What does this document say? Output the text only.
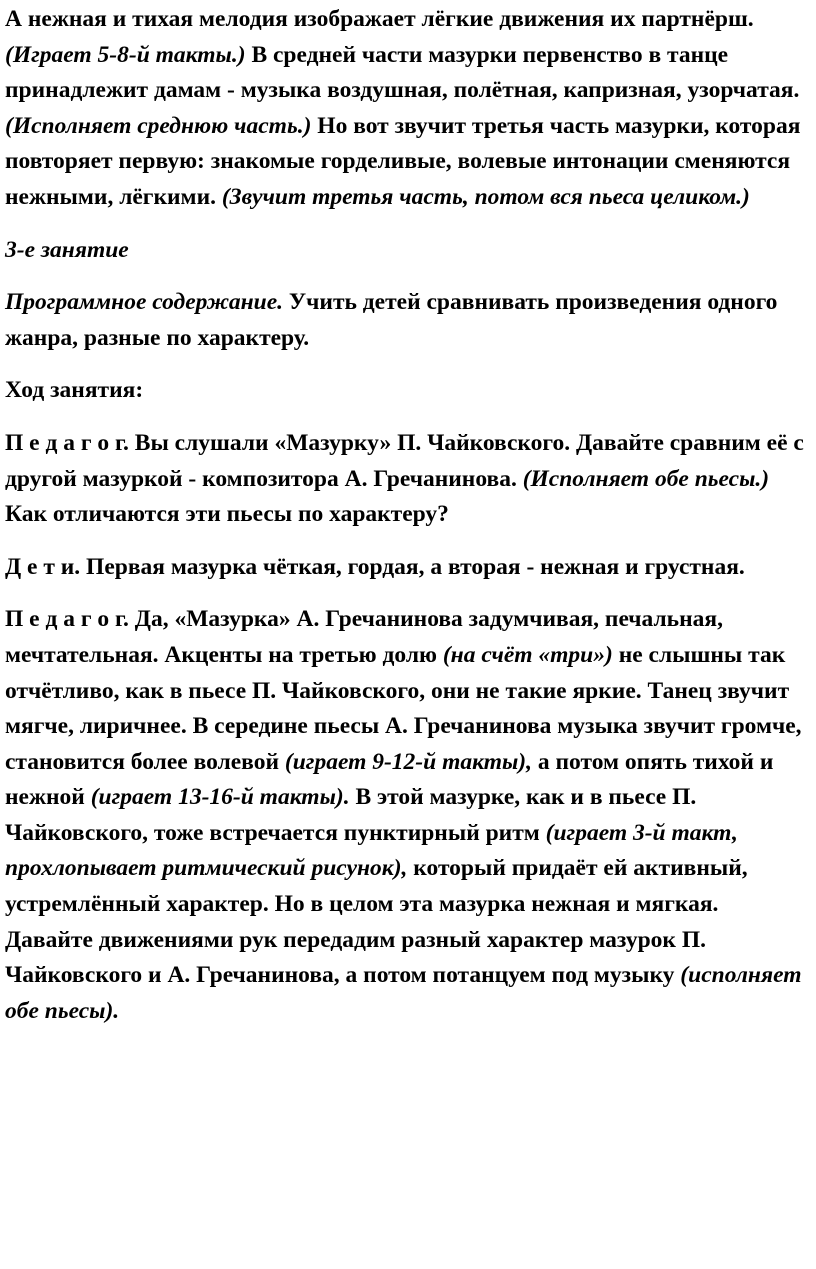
А нежная и тихая мелодия изображает лёгкие движения их партнёрш. (Играет 5-8-й такты.) В средней части мазурки первенство в танце принадлежит дамам - музыка воздушная, полётная, капризная, узорчатая. (Исполняет среднюю часть.) Но вот звучит третья часть мазурки, которая повторяет первую: знакомые горделивые, волевые интонации сменяются нежными, лёгкими. (Звучит третья часть, потом вся пьеса целиком.)

3-е занятие

Программное содержание. Учить детей сравнивать произведения одного жанра, разные по характеру.

Ход занятия:

П е д а г о г. Вы слушали «Мазурку» П. Чайковского. Давайте сравним её с другой мазуркой - композитора А. Гречанинова. (Исполняет обе пьесы.) Как отличаются эти пьесы по характеру?

Д е т и. Первая мазурка чёткая, гордая, а вторая - нежная и грустная.

П е д а г о г. Да, «Мазурка» А. Гречанинова задумчивая, печальная, мечтательная. Акценты на третью долю (на счёт «три») не слышны так отчётливо, как в пьесе П. Чайковского, они не такие яркие. Танец звучит мягче, лиричнее. В середине пьесы А. Гречанинова музыка звучит громче, становится более волевой (играет 9-12-й такты), а потом опять тихой и нежной (играет 13-16-й такты). В этой мазурке, как и в пьесе П. Чайковского, тоже встречается пунктирный ритм (играет 3-й такт, прохлопывает ритмический рисунок), который придаёт ей активный, устремлённый характер. Но в целом эта мазурка нежная и мягкая. Давайте движениями рук передадим разный характер мазурок П. Чайковского и А. Гречанинова, а потом потанцуем под музыку (исполняет обе пьесы).
